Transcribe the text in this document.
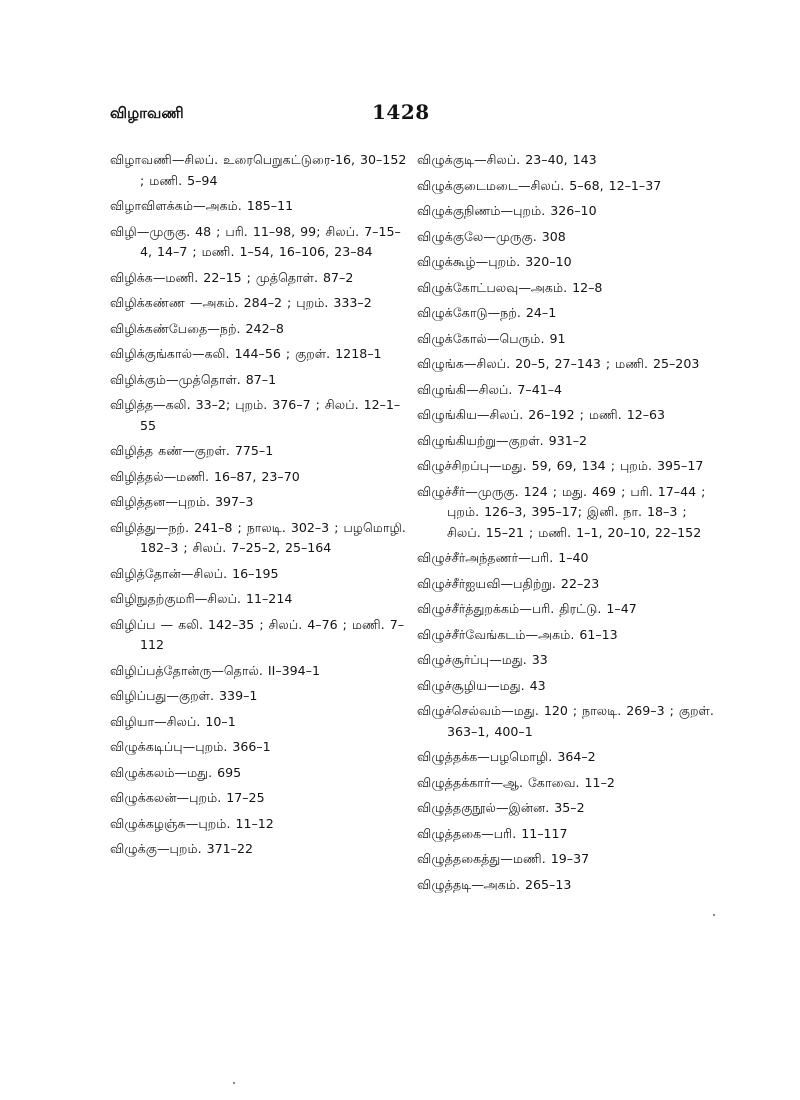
விழாவணி	1428
விழாவணி—சிலப். உரைபெறுகட்டுரை-16, 30–152 ; மணி. 5–94
விழாவிளக்கம்—அகம். 185–11
விழி—முருகு. 48 ; பரி. 11–98, 99; சிலப். 7–15–4, 14–7 ; மணி. 1–54, 16–106, 23–84
விழிக்க—மணி. 22–15 ; முத்தொள். 87–2
விழிக்கண்ண —அகம். 284–2 ; புறம். 333–2
விழிக்கண்பேதை—நற். 242–8
விழிக்குங்கால்—கலி. 144–56 ; குறள். 1218–1
விழிக்கும்—முத்தொள். 87–1
விழித்த—கலி. 33–2; புறம். 376–7 ; சிலப். 12–1–55
விழித்த கண்—குறள். 775–1
விழித்தல்—மணி. 16–87, 23–70
விழித்தன—புறம். 397–3
விழித்து—நற். 241–8 ; நாலடி. 302–3 ; பழமொழி. 182–3 ; சிலப். 7–25–2, 25–164
விழித்தோன்—சிலப். 16–195
விழிநுதற்குமரி—சிலப். 11–214
விழிப்ப — கலி. 142–35 ; சிலப். 4–76 ; மணி. 7–112
விழிப்பத்தோன்ரு—தொல். II–394–1
விழிப்பது—குறள். 339–1
விழியா—சிலப். 10–1
விழுக்கடிப்பு—புறம். 366–1
விழுக்கலம்—மது. 695
விழுக்கலன்—புறம். 17–25
விழுக்கழஞ்சு—புறம். 11–12
விழுக்கு—புறம். 371–22
விழுக்குடி—சிலப். 23–40, 143
விழுக்குடைமடை—சிலப். 5–68, 12–1–37
விழுக்குநிணம்—புறம். 326–10
விழுக்குலே—முருகு. 308
விழுக்கூழ்—புறம். 320–10
விழுக்கோட்பலவு—அகம். 12–8
விழுக்கோடு—நற். 24–1
விழுக்கோல்—பெரும். 91
விழுங்க—சிலப். 20–5, 27–143 ; மணி. 25–203
விழுங்கி—சிலப். 7–41–4
விழுங்கிய—சிலப். 26–192 ; மணி. 12–63
விழுங்கியற்று—குறள். 931–2
விழுச்சிறப்பு—மது. 59, 69, 134 ; புறம். 395–17
விழுச்சீர்—முருகு. 124 ; மது. 469 ; பரி. 17–44 ; புறம். 126–3, 395–17; இனி. நா. 18–3 ; சிலப். 15–21 ; மணி. 1–1, 20–10, 22–152
விழுச்சீர்அந்தணர்—பரி. 1–40
விழுச்சீர்ஐயவி—பதிற்று. 22–23
விழுச்சீர்த்துறக்கம்—பரி. திரட்டு. 1–47
விழுச்சீர்வேங்கடம்—அகம். 61–13
விழுச்சூர்ப்பு—மது. 33
விழுச்சூழிய—மது. 43
விழுச்செல்வம்—மது. 120 ; நாலடி. 269–3 ; குறள். 363–1, 400–1
விழுத்தக்க—பழமொழி. 364–2
விழுத்தக்கார்—ஆ. கோவை. 11–2
விழுத்தகுநூல்—இன்ன. 35–2
விழுத்தகை—பரி. 11–117
விழுத்தகைத்து—மணி. 19–37
விழுத்தடி—அகம். 265–13
